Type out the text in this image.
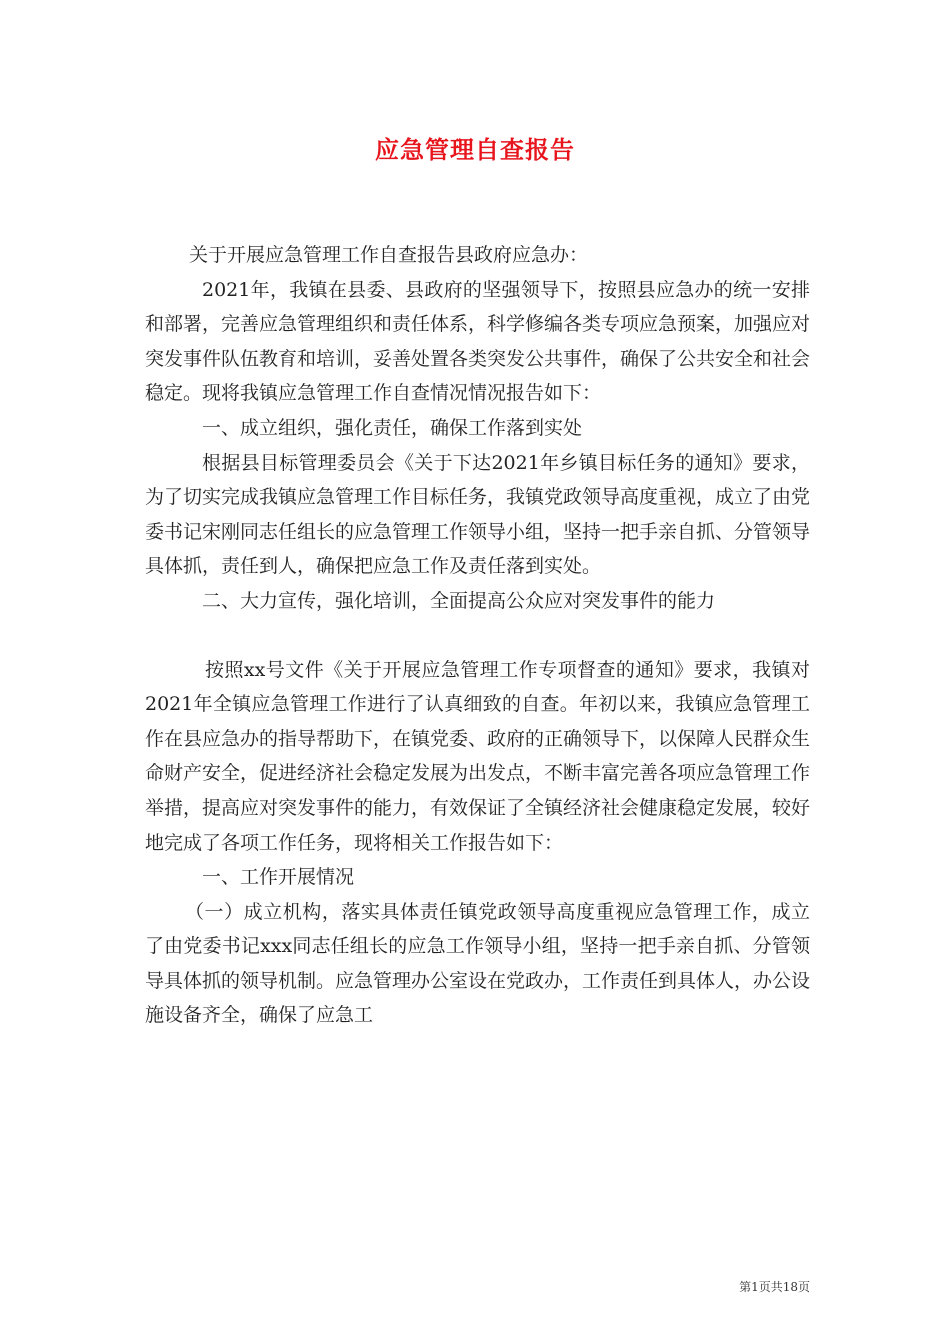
应急管理自查报告

关于开展应急管理工作自查报告县政府应急办：

2021年，我镇在县委、县政府的坚强领导下，按照县应急办的统一安排和部署，完善应急管理组织和责任体系，科学修编各类专项应急预案，加强应对突发事件队伍教育和培训，妥善处置各类突发公共事件，确保了公共安全和社会稳定。现将我镇应急管理工作自查情况情况报告如下：

一、成立组织，强化责任，确保工作落到实处

根据县目标管理委员会《关于下达2021年乡镇目标任务的通知》要求，为了切实完成我镇应急管理工作目标任务，我镇党政领导高度重视，成立了由党委书记宋刚同志任组长的应急管理工作领导小组，坚持一把手亲自抓、分管领导具体抓，责任到人，确保把应急工作及责任落到实处。

二、大力宣传，强化培训，全面提高公众应对突发事件的能力

按照xx号文件《关于开展应急管理工作专项督查的通知》要求，我镇对2021年全镇应急管理工作进行了认真细致的自查。年初以来，我镇应急管理工作在县应急办的指导帮助下，在镇党委、政府的正确领导下，以保障人民群众生命财产安全，促进经济社会稳定发展为出发点，不断丰富完善各项应急管理工作举措，提高应对突发事件的能力，有效保证了全镇经济社会健康稳定发展，较好地完成了各项工作任务，现将相关工作报告如下：

一、工作开展情况

（一）成立机构，落实具体责任镇党政领导高度重视应急管理工作，成立了由党委书记xxx同志任组长的应急工作领导小组，坚持一把手亲自抓、分管领导具体抓的领导机制。应急管理办公室设在党政办，工作责任到具体人，办公设施设备齐全，确保了应急工

第1页共18页
